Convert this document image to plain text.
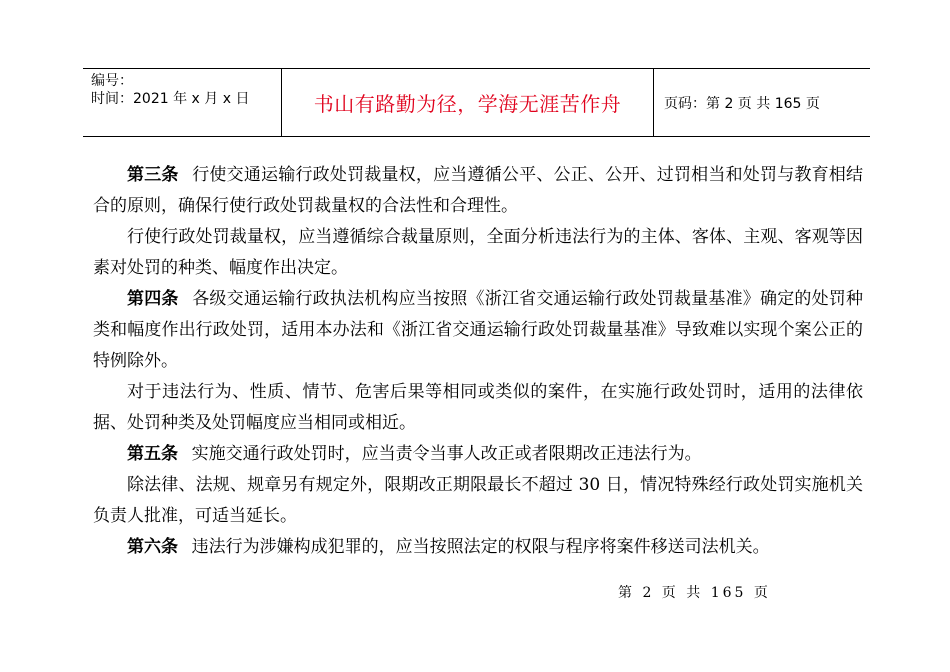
编号：
时间：2021 年 x 月 x 日	书山有路勤为径，学海无涯苦作舟	页码：第 2 页 共 165 页

第三条 行使交通运输行政处罚裁量权，应当遵循公平、公正、公开、过罚相当和处罚与教育相结合的原则，确保行使行政处罚裁量权的合法性和合理性。

行使行政处罚裁量权，应当遵循综合裁量原则，全面分析违法行为的主体、客体、主观、客观等因素对处罚的种类、幅度作出决定。

第四条 各级交通运输行政执法机构应当按照《浙江省交通运输行政处罚裁量基准》确定的处罚种类和幅度作出行政处罚，适用本办法和《浙江省交通运输行政处罚裁量基准》导致难以实现个案公正的特例除外。

对于违法行为、性质、情节、危害后果等相同或类似的案件，在实施行政处罚时，适用的法律依据、处罚种类及处罚幅度应当相同或相近。

第五条 实施交通行政处罚时，应当责令当事人改正或者限期改正违法行为。

除法律、法规、规章另有规定外，限期改正期限最长不超过 30 日，情况特殊经行政处罚实施机关负责人批准，可适当延长。

第六条 违法行为涉嫌构成犯罪的，应当按照法定的权限与程序将案件移送司法机关。

第 2 页 共 165 页
